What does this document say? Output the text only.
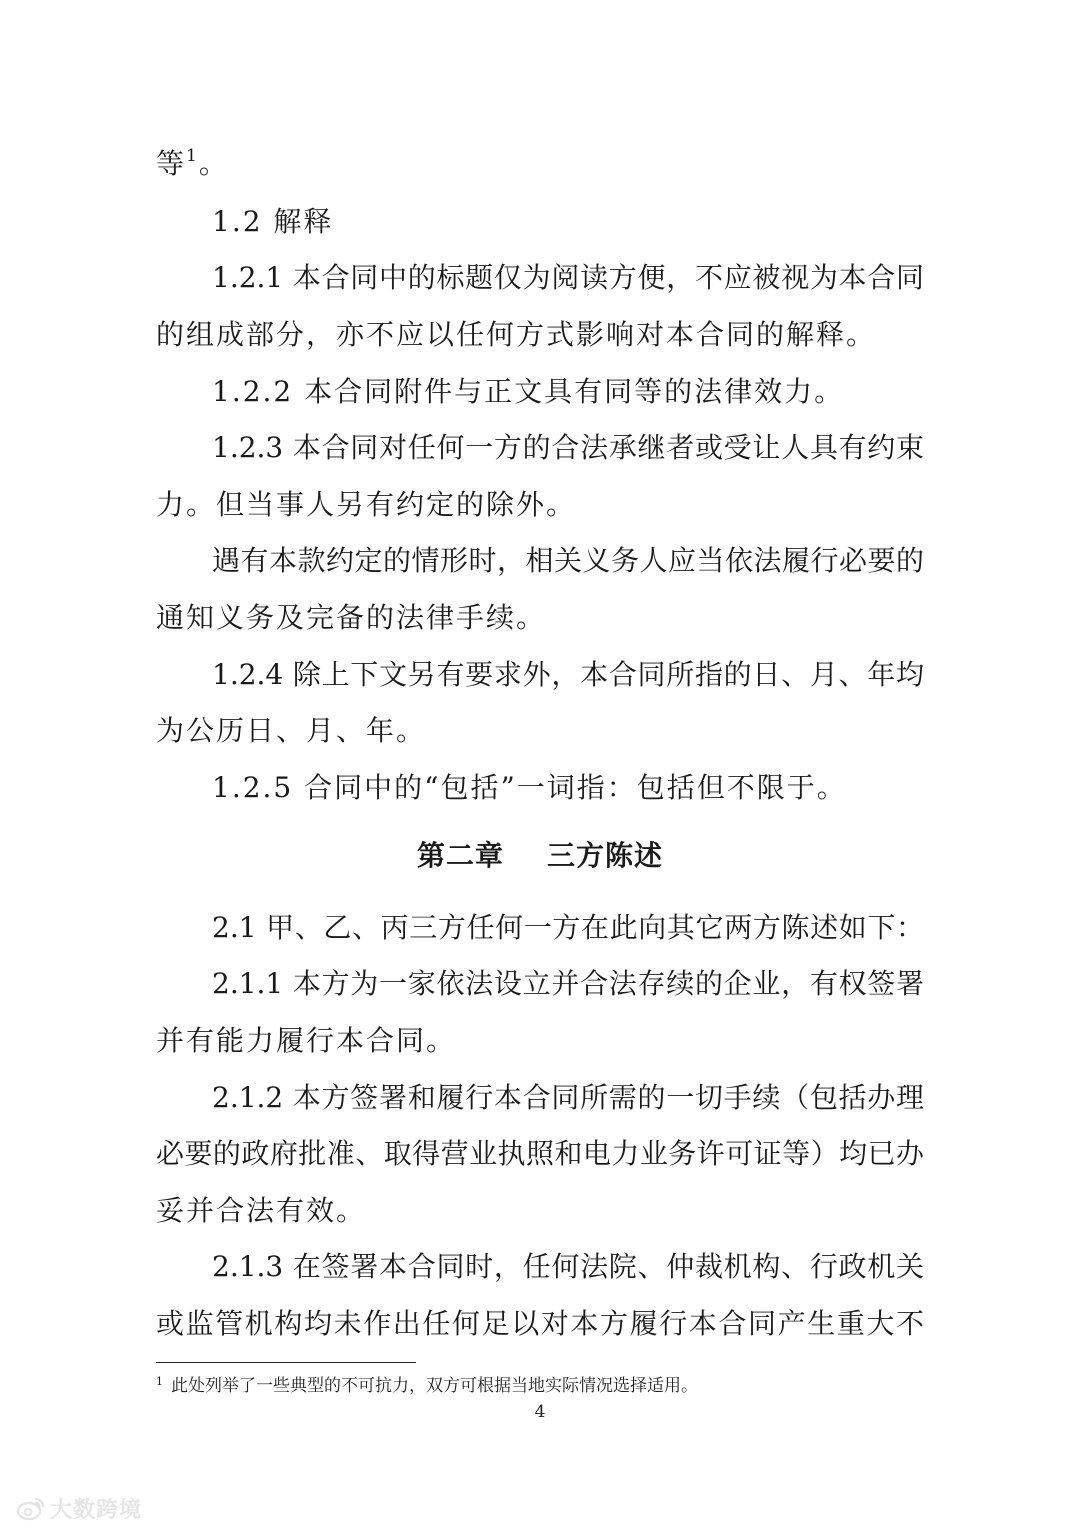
等$^1$。
1.2 解释
1.2.1 本合同中的标题仅为阅读方便，不应被视为本合同
的组成部分，亦不应以任何方式影响对本合同的解释。
1.2.2 本合同附件与正文具有同等的法律效力。
1.2.3 本合同对任何一方的合法承继者或受让人具有约束
力。但当事人另有约定的除外。
遇有本款约定的情形时，相关义务人应当依法履行必要的
通知义务及完备的法律手续。
1.2.4 除上下文另有要求外，本合同所指的日、月、年均
为公历日、月、年。
1.2.5 合同中的“包括”一词指：包括但不限于。
第二章    三方陈述
2.1 甲、乙、丙三方任何一方在此向其它两方陈述如下：
2.1.1 本方为一家依法设立并合法存续的企业，有权签署
并有能力履行本合同。
2.1.2 本方签署和履行本合同所需的一切手续（包括办理
必要的政府批准、取得营业执照和电力业务许可证等）均已办
妥并合法有效。
2.1.3 在签署本合同时，任何法院、仲裁机构、行政机关
或监管机构均未作出任何足以对本方履行本合同产生重大不
$^1$ 此处列举了一些典型的不可抗力，双方可根据当地实际情况选择适用。
4
大数跨境
